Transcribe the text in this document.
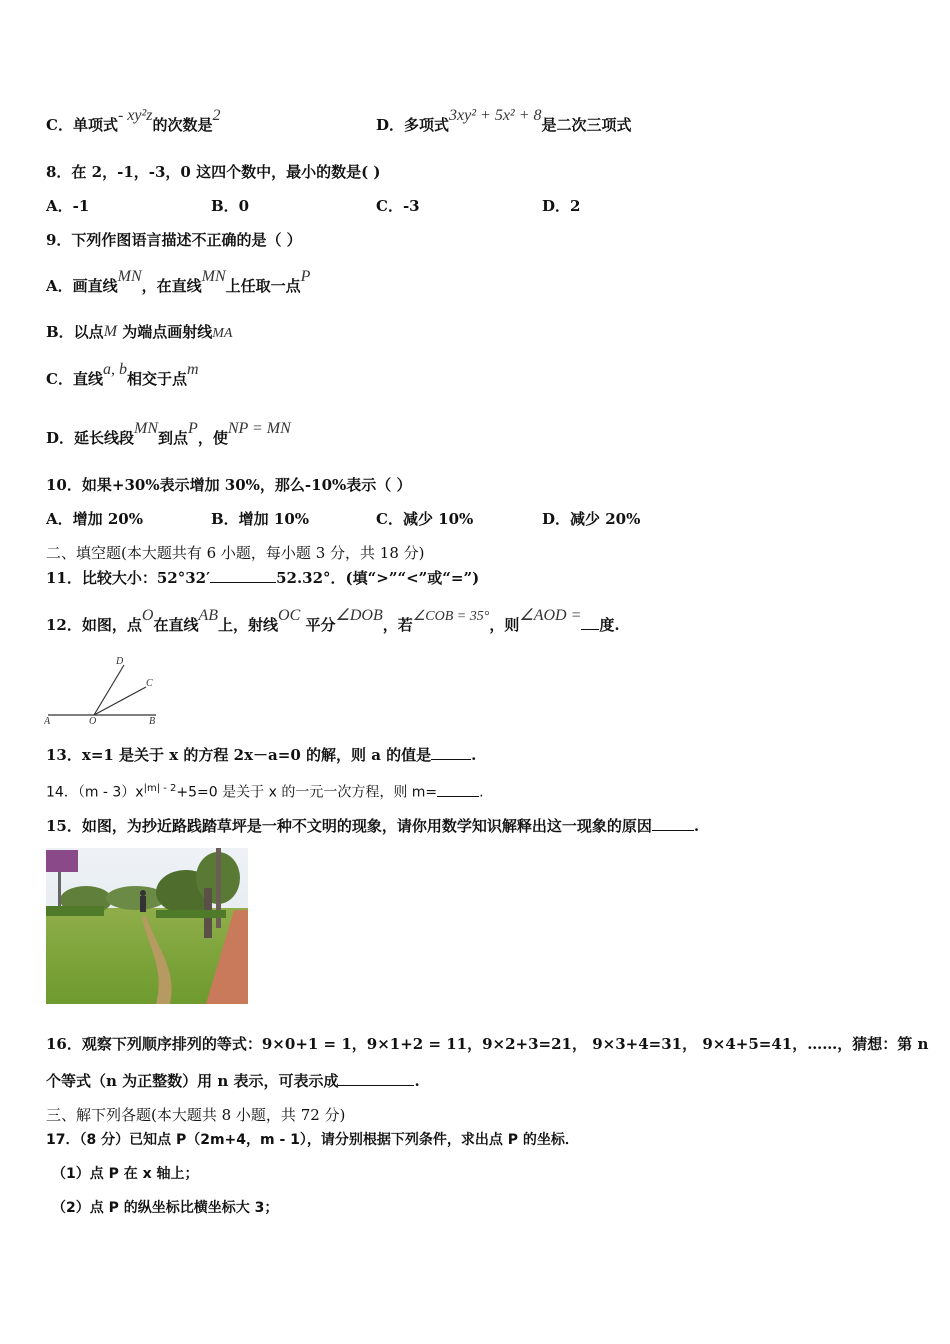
C．单项式- xy²z的次数是2
D．多项式3xy² + 5x² + 8是二次三项式
8．在 2，-1，-3，0 这四个数中，最小的数是( )
A．-1	B．0	C．-3	D．2
9．下列作图语言描述不正确的是（ ）
A．画直线MN，在直线MN上任取一点P
B．以点M 为端点画射线MA
C．直线a, b相交于点m
D．延长线段MN到点P，使NP = MN
10．如果+30%表示增加 30%，那么-10%表示（ ）
A．增加 20%	B．增加 10%	C．减少 10%	D．减少 20%
二、填空题(本大题共有 6 小题，每小题 3 分，共 18 分)
11．比较大小：52°32′	52.32°．(填“>”“<”或“=”)
12．如图，点O在直线AB上，射线OC 平分∠DOB，若∠COB = 35°，则∠AOD =度.
A	O	B
C
D
13．x=1 是关于 x 的方程 2x－a=0 的解，则 a 的值是	.
14．$(m - 3)x^{|m| - 2}+5=0$ 是关于 x 的一元一次方程，则 m=	.
15．如图，为抄近路践踏草坪是一种不文明的现象，请你用数学知识解释出这一现象的原因	.
16．观察下列顺序排列的等式：9×0+1 = 1，9×1+2 = 11，9×2+3=21， 9×3+4=31， 9×4+5=41，……，猜想：第 n
个等式（n 为正整数）用 n 表示，可表示成	.
三、解下列各题(本大题共 8 小题，共 72 分)
17．（8 分）已知点 P（2m+4，m - 1），请分别根据下列条件，求出点 P 的坐标．
（1）点 P 在 x 轴上；
（2）点 P 的纵坐标比横坐标大 3；
